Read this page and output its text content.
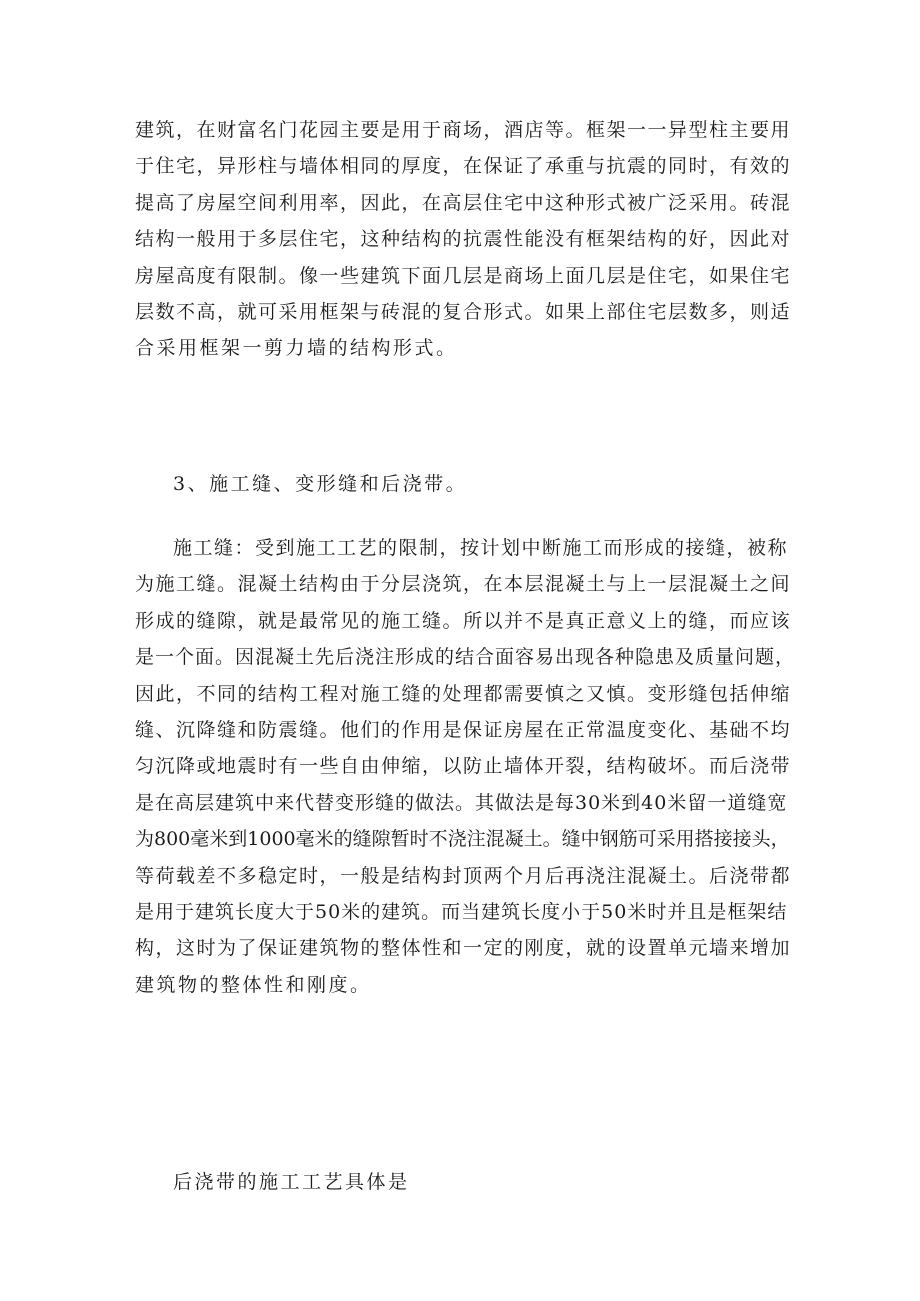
建筑，在财富名门花园主要是用于商场，酒店等。框架一一异型柱主要用
于住宅，异形柱与墙体相同的厚度，在保证了承重与抗震的同时，有效的
提高了房屋空间利用率，因此，在高层住宅中这种形式被广泛采用。砖混
结构一般用于多层住宅，这种结构的抗震性能没有框架结构的好，因此对
房屋高度有限制。像一些建筑下面几层是商场上面几层是住宅，如果住宅
层数不高，就可采用框架与砖混的复合形式。如果上部住宅层数多，则适
合采用框架一剪力墙的结构形式。
3、施工缝、变形缝和后浇带。
施工缝：受到施工工艺的限制，按计划中断施工而形成的接缝，被称
为施工缝。混凝土结构由于分层浇筑，在本层混凝土与上一层混凝土之间
形成的缝隙，就是最常见的施工缝。所以并不是真正意义上的缝，而应该
是一个面。因混凝土先后浇注形成的结合面容易出现各种隐患及质量问题，
因此，不同的结构工程对施工缝的处理都需要慎之又慎。变形缝包括伸缩
缝、沉降缝和防震缝。他们的作用是保证房屋在正常温度变化、基础不均
匀沉降或地震时有一些自由伸缩，以防止墙体开裂，结构破坏。而后浇带
是在高层建筑中来代替变形缝的做法。其做法是每30米到40米留一道缝宽
为800毫米到1000毫米的缝隙暂时不浇注混凝土。缝中钢筋可采用搭接接头，
等荷载差不多稳定时，一般是结构封顶两个月后再浇注混凝土。后浇带都
是用于建筑长度大于50米的建筑。而当建筑长度小于50米时并且是框架结
构，这时为了保证建筑物的整体性和一定的刚度，就的设置单元墙来增加
建筑物的整体性和刚度。
后浇带的施工工艺具体是
